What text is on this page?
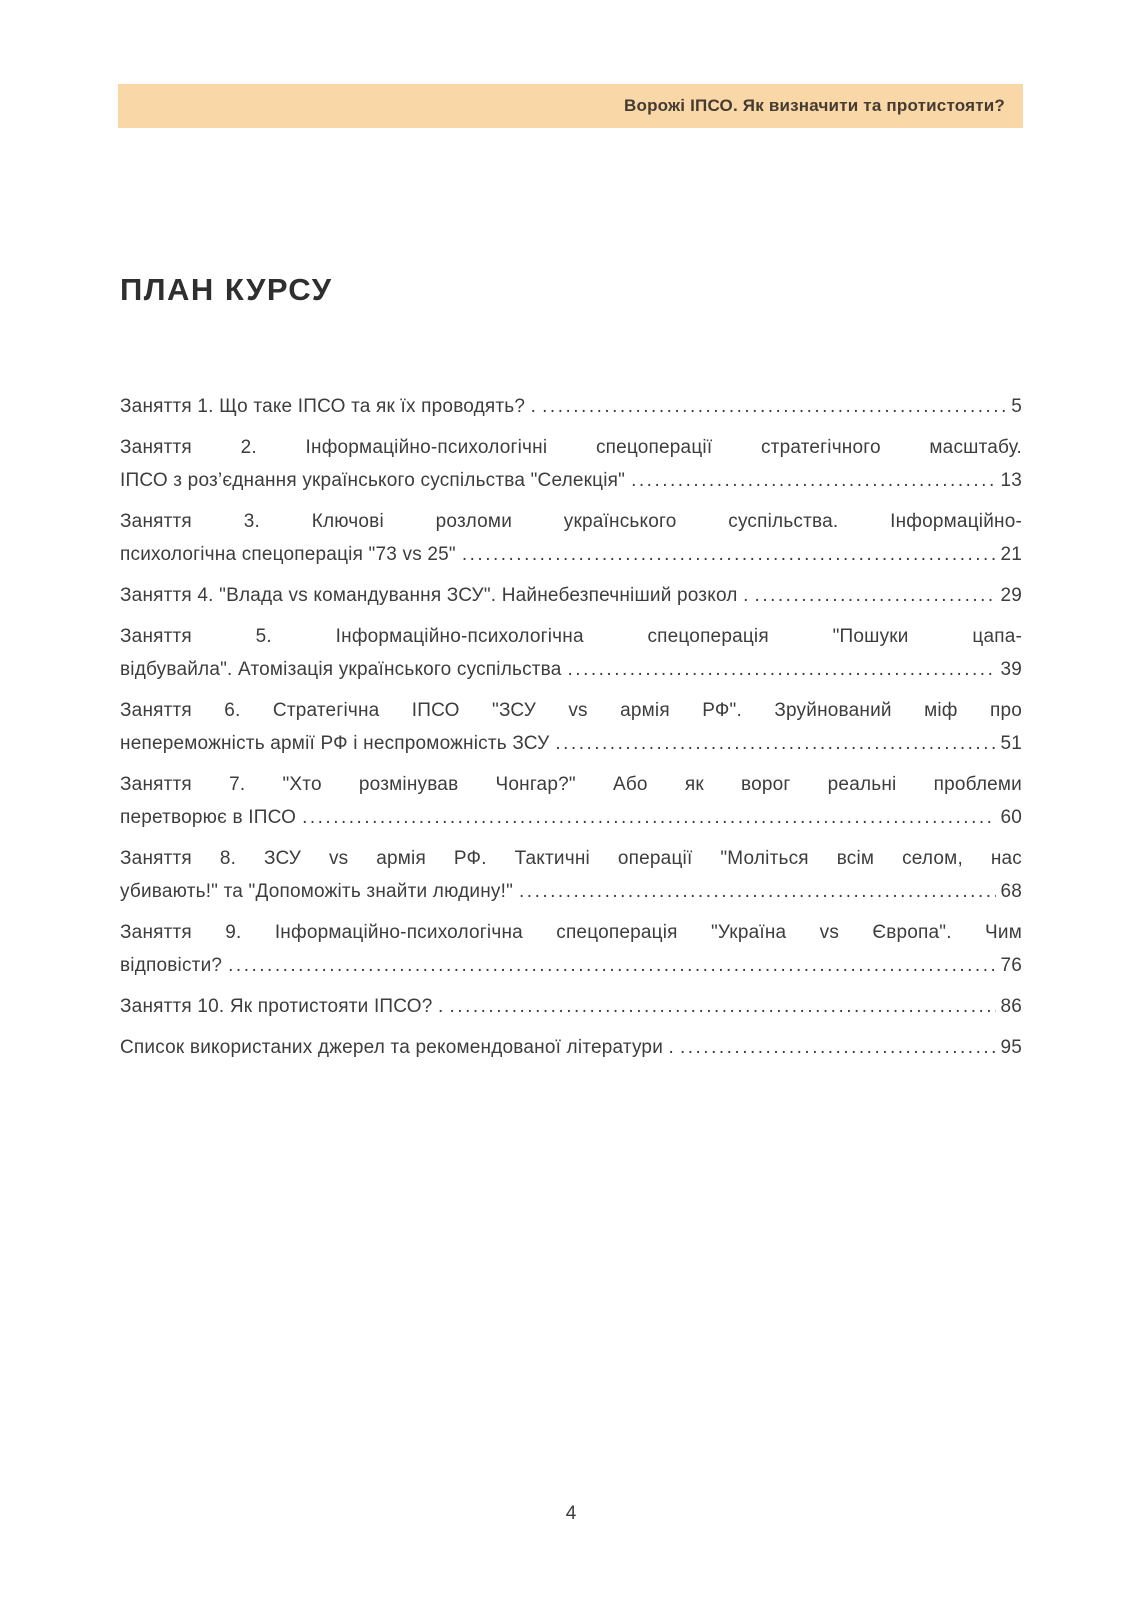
Ворожі ІПСО. Як визначити та протистояти?
ПЛАН КУРСУ
Заняття 1. Що таке ІПСО та як їх проводять? . .....	5
Заняття 2. Інформаційно-психологічні спецоперації стратегічного масштабу.
ІПСО з роз’єднання українського суспільства "Селекція" .....	13
Заняття 3. Ключові розломи українського суспільства. Інформаційно-
психологічна спецоперація "73 vs 25" .....	21
Заняття 4. "Влада vs командування ЗСУ". Найнебезпечніший розкол . .....	29
Заняття 5. Інформаційно-психологічна спецоперація "Пошуки цапа-
відбувайла". Атомізація українського суспільства .....	39
Заняття 6. Стратегічна ІПСО "ЗСУ vs армія РФ". Зруйнований міф про
непереможність армії РФ і неспроможність ЗСУ .....	51
Заняття 7. "Хто розмінував Чонгар?" Або як ворог реальні проблеми
перетворює в ІПСО .....	60
Заняття 8. ЗСУ vs армія РФ. Тактичні операції "Моліться всім селом, нас
убивають!" та "Допоможіть знайти людину!" .....	68
Заняття 9. Інформаційно-психологічна спецоперація "Україна vs Європа". Чим
відповісти? .....	76
Заняття 10. Як протистояти ІПСО? . .....	86
Список використаних джерел та рекомендованої літератури . .....	95
4
